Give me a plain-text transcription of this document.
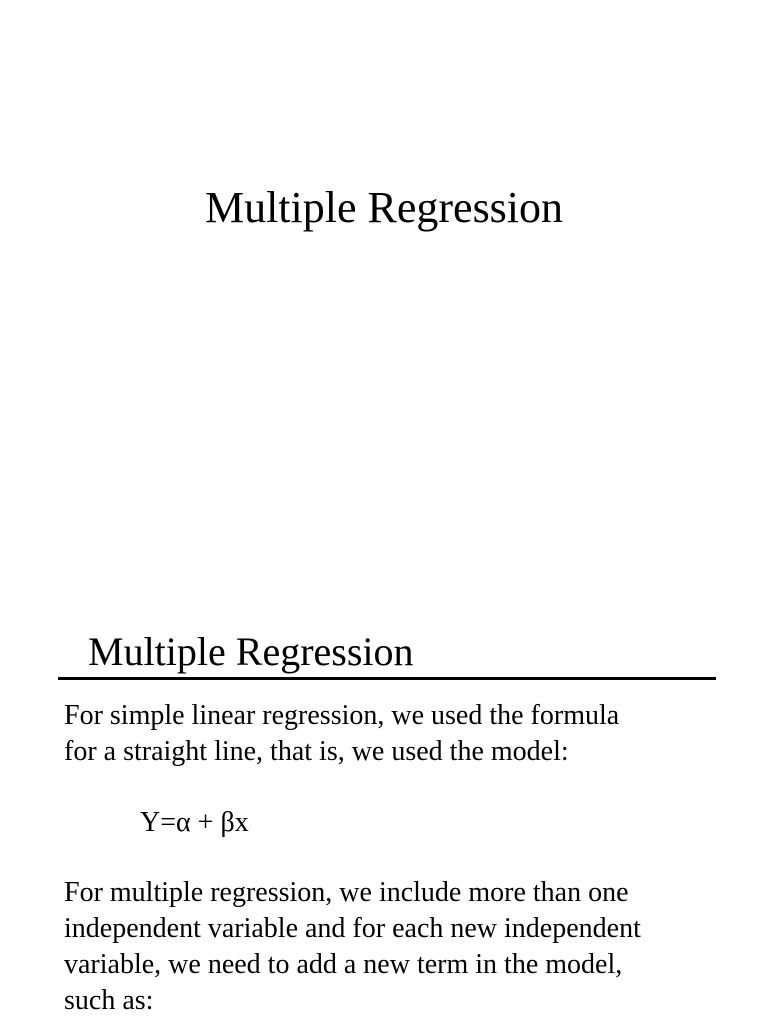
Multiple Regression
Multiple Regression

For simple linear regression, we used the formula
for a straight line, that is, we used the model:

Y=α + βx

For multiple regression, we include more than one
independent variable and for each new independent
variable, we need to add a new term in the model,
such as:
